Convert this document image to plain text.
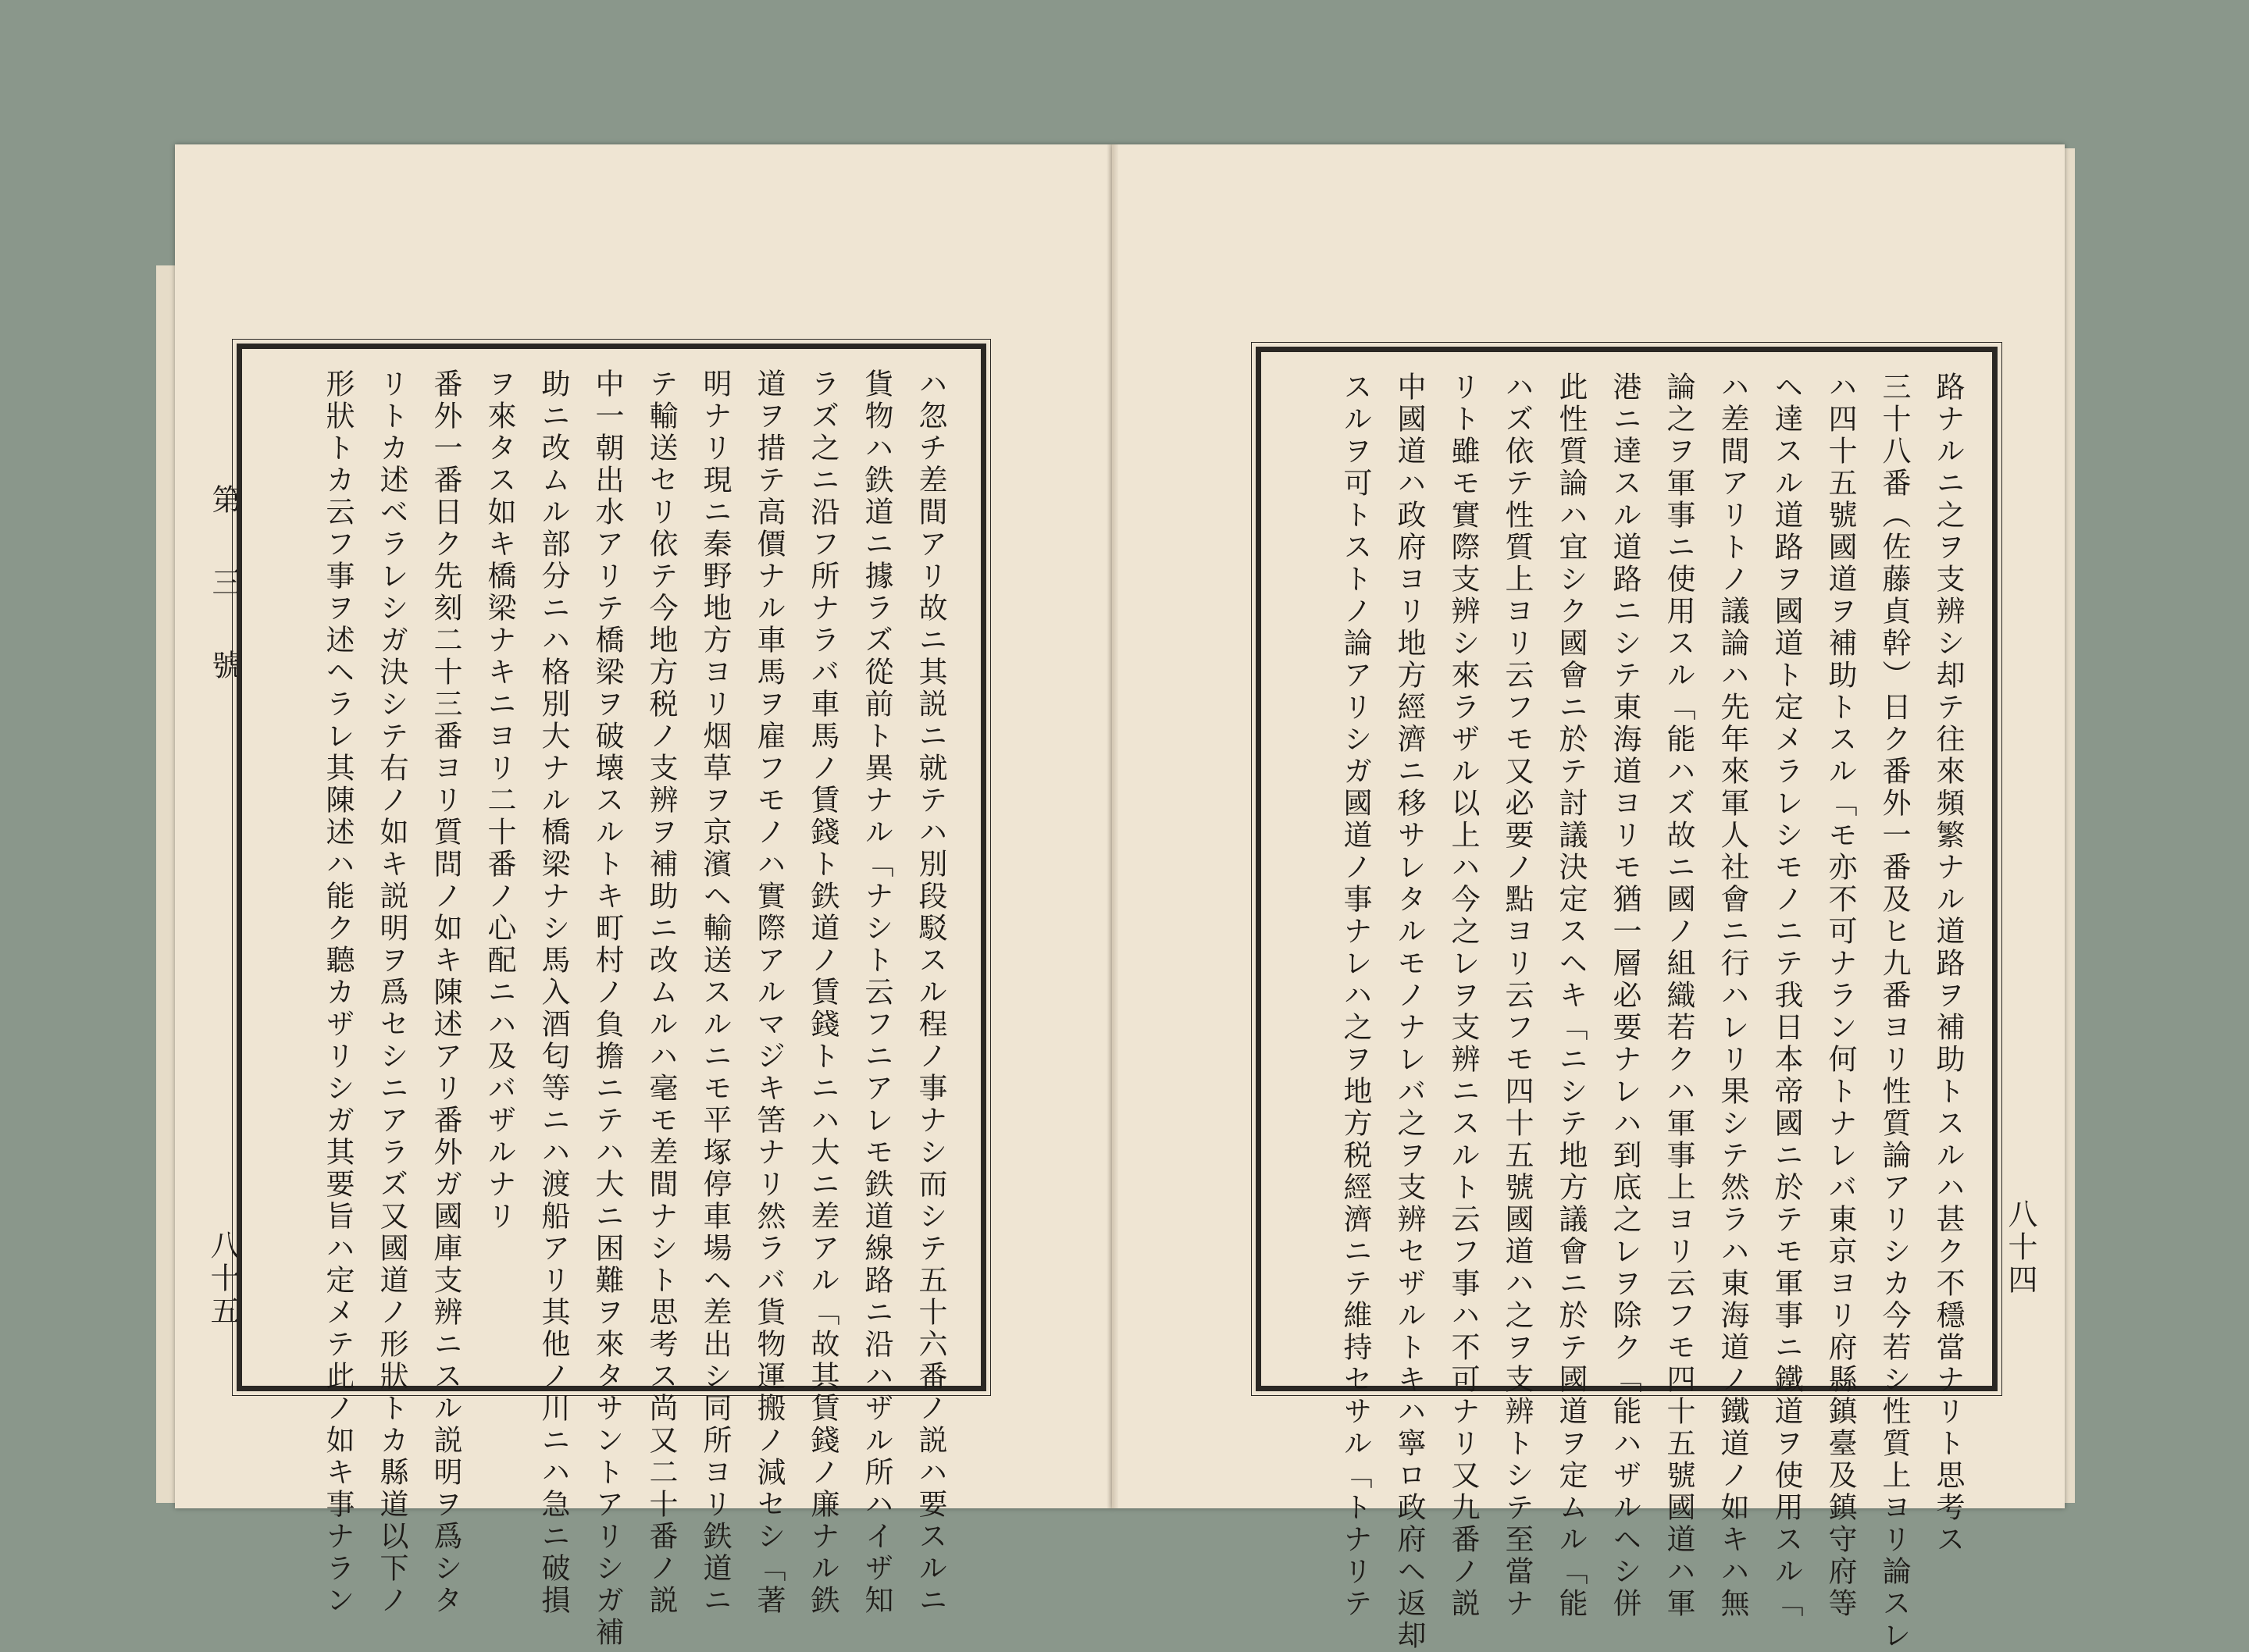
第 三 號
八十五	ハ忽チ差間アリ故ニ其説ニ就テハ別段駁スル程ノ事ナシ而シテ五十六番ノ説ハ要スルニ
貨物ハ鉄道ニ據ラズ從前ト異ナル「ナシト云フニアレモ鉄道線路ニ沿ハザル所ハイザ知
ラズ之ニ沿フ所ナラバ車馬ノ賃錢ト鉄道ノ賃錢トニハ大ニ差アル「故其賃錢ノ廉ナル鉄
道ヲ措テ高價ナル車馬ヲ雇フモノハ實際アルマジキ筈ナリ然ラバ貨物運搬ノ減セシ「著
明ナリ現ニ秦野地方ヨリ烟草ヲ京濱ヘ輸送スルニモ平塚停車場ヘ差出シ同所ヨリ鉄道ニ
テ輸送セリ依テ今地方税ノ支辨ヲ補助ニ改ムルハ毫モ差間ナシト思考ス尚又二十番ノ説
中一朝出水アリテ橋梁ヲ破壊スルトキ町村ノ負擔ニテハ大ニ困難ヲ來タサントアリシガ補
助ニ改ムル部分ニハ格別大ナル橋梁ナシ馬入酒匂等ニハ渡船アリ其他ノ川ニハ急ニ破損
ヲ來タス如キ橋梁ナキニヨリ二十番ノ心配ニハ及バザルナリ
番外一番日ク先刻二十三番ヨリ質問ノ如キ陳述アリ番外ガ國庫支辨ニスル説明ヲ爲シタ
リトカ述ベラレシガ決シテ右ノ如キ説明ヲ爲セシニアラズ又國道ノ形狀トカ縣道以下ノ
形狀トカ云フ事ヲ述ヘラレ其陳述ハ能ク聽カザリシガ其要旨ハ定メテ此ノ如キ事ナラン	八十四
路ナルニ之ヲ支辨シ却テ往來頻繁ナル道路ヲ補助トスルハ甚ク不穩當ナリト思考ス
三十八番（佐藤貞幹）日ク番外一番及ヒ九番ヨリ性質論アリシカ今若シ性質上ヨリ論スレ
ハ四十五號國道ヲ補助トスル「モ亦不可ナラン何トナレバ東京ヨリ府縣鎮臺及鎮守府等
ヘ達スル道路ヲ國道ト定メラレシモノニテ我日本帝國ニ於テモ軍事ニ鐵道ヲ使用スル「
ハ差間アリトノ議論ハ先年來軍人社會ニ行ハレリ果シテ然ラハ東海道ノ鐵道ノ如キハ無
論之ヲ軍事ニ使用スル「能ハズ故ニ國ノ組織若クハ軍事上ヨリ云フモ四十五號國道ハ軍
港ニ達スル道路ニシテ東海道ヨリモ猶一層必要ナレハ到底之レヲ除ク「能ハザルヘシ併
此性質論ハ宜シク國會ニ於テ討議決定スヘキ「ニシテ地方議會ニ於テ國道ヲ定ムル「能
ハズ依テ性質上ヨリ云フモ又必要ノ點ヨリ云フモ四十五號國道ハ之ヲ支辨トシテ至當ナ
リト雖モ實際支辨シ來ラザル以上ハ今之レヲ支辨ニスルト云フ事ハ不可ナリ又九番ノ説
中國道ハ政府ヨリ地方經濟ニ移サレタルモノナレバ之ヲ支辨セザルトキハ寧ロ政府ヘ返却
スルヲ可トストノ論アリシガ國道ノ事ナレハ之ヲ地方税經濟ニテ維持セサル「トナリテ
